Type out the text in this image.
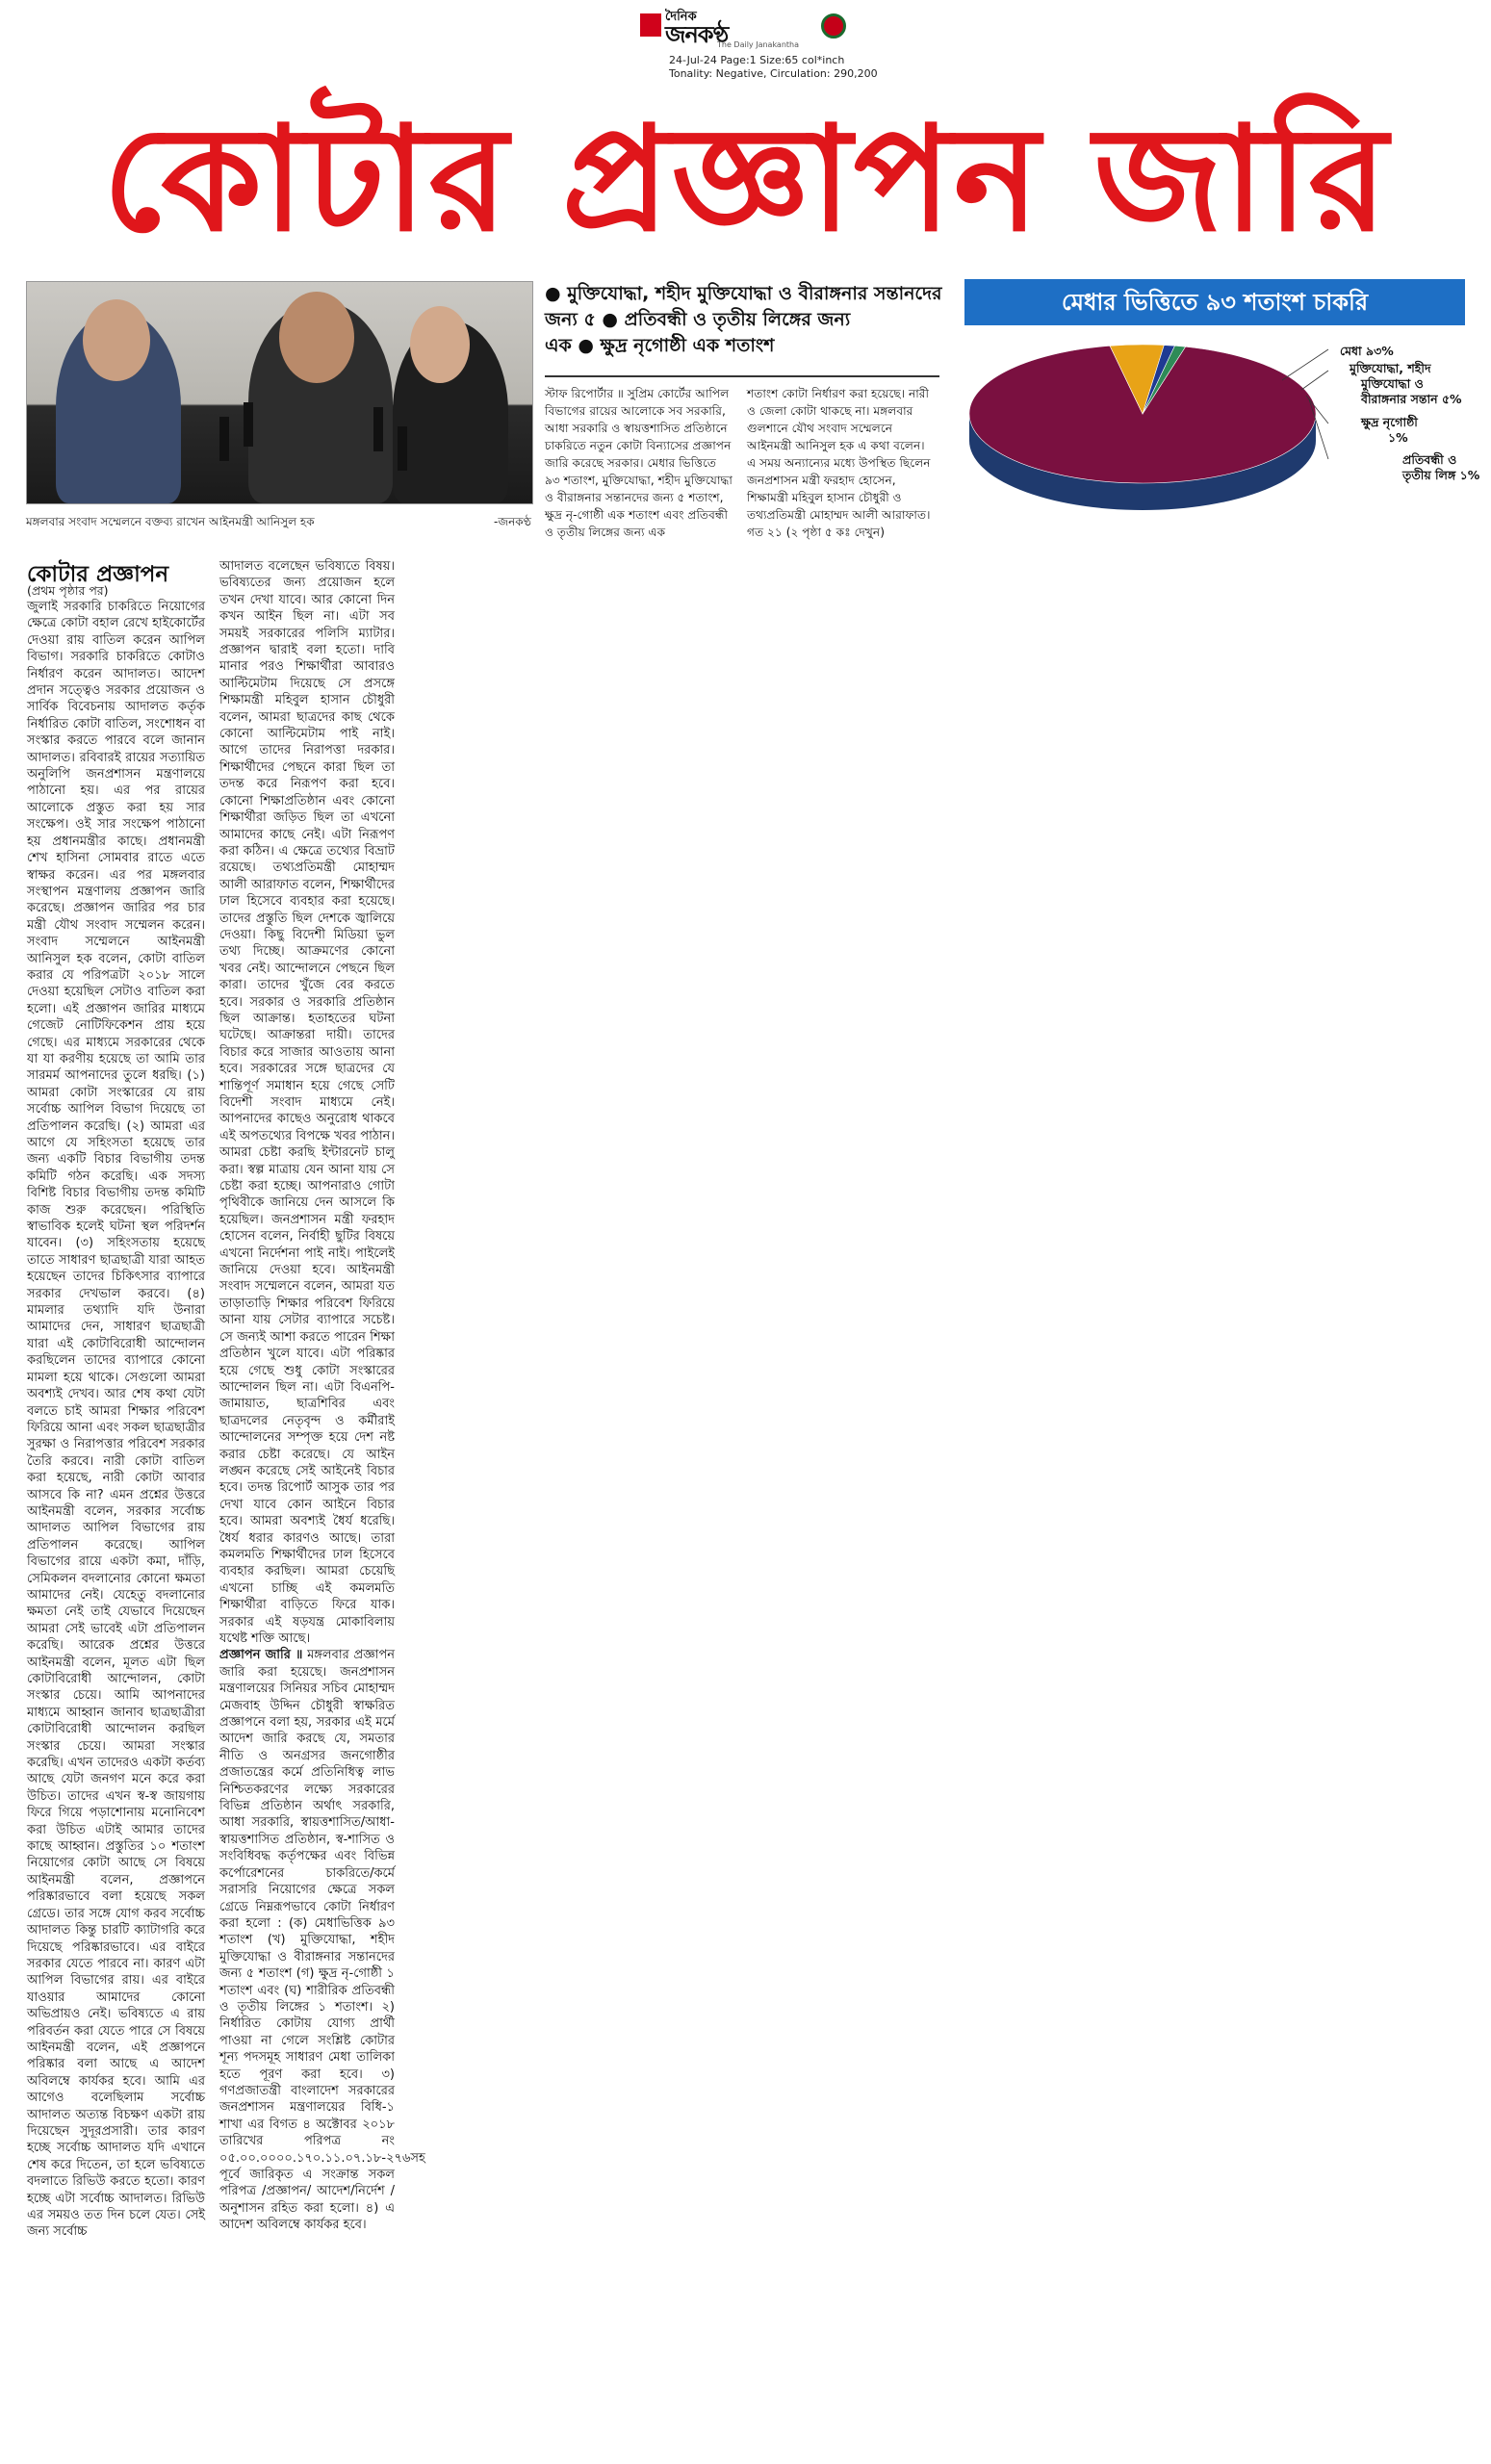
দৈনিক
জনকণ্ঠ
The Daily Janakantha
24-Jul-24 Page:1 Size:65 col*inch
Tonality: Negative, Circulation: 290,200
কোটার প্রজ্ঞাপন জারি
মঙ্গলবার সংবাদ সম্মেলনে বক্তব্য রাখেন আইনমন্ত্রী আনিসুল হক	-জনকণ্ঠ
● মুক্তিযোদ্ধা, শহীদ মুক্তিযোদ্ধা ও বীরাঙ্গনার সন্তানদের
জন্য ৫ ● প্রতিবন্ধী ও তৃতীয় লিঙ্গের জন্য
এক ● ক্ষুদ্র নৃগোষ্ঠী এক শতাংশ
স্টাফ রিপোর্টার ॥ সুপ্রিম কোর্টের আপিল বিভাগের রায়ের আলোকে সব সরকারি, আধা সরকারি ও স্বায়ত্তশাসিত প্রতিষ্ঠানে চাকরিতে নতুন কোটা বিন্যাসের প্রজ্ঞাপন জারি করেছে সরকার। মেধার ভিত্তিতে ৯৩ শতাংশ, মুক্তিযোদ্ধা, শহীদ মুক্তিযোদ্ধা ও বীরাঙ্গনার সন্তানদের জন্য ৫ শতাংশ, ক্ষুদ্র নৃ-গোষ্ঠী এক শতাংশ এবং প্রতিবন্ধী ও তৃতীয় লিঙ্গের জন্য এক
শতাংশ কোটা নির্ধারণ করা হয়েছে। নারী ও জেলা কোটা থাকছে না। মঙ্গলবার গুলশানে যৌথ সংবাদ সম্মেলনে আইনমন্ত্রী আনিসুল হক এ কথা বলেন। এ সময় অন্যান্যের মধ্যে উপস্থিত ছিলেন জনপ্রশাসন মন্ত্রী ফরহাদ হোসেন, শিক্ষামন্ত্রী মহিবুল হাসান চৌধুরী ও তথ্যপ্রতিমন্ত্রী মোহাম্মদ আলী আরাফাত। গত ২১ (২ পৃষ্ঠা ৫ কঃ দেখুন)
মেধার ভিত্তিতে ৯৩ শতাংশ চাকরি
মেধা ৯৩%
মুক্তিযোদ্ধা, শহীদ
মুক্তিযোদ্ধা ও
বীরাঙ্গনার সন্তান ৫%
ক্ষুদ্র নৃগোষ্ঠী
১%
প্রতিবন্ধী ও
তৃতীয় লিঙ্গ ১%
কোটার প্রজ্ঞাপন
(প্রথম পৃষ্ঠার পর)

জুলাই সরকারি চাকরিতে নিয়োগের ক্ষেত্রে কোটা বহাল রেখে হাইকোর্টের দেওয়া রায় বাতিল করেন আপিল বিভাগ। সরকারি চাকরিতে কোটাও নির্ধারণ করেন আদালত। আদেশ প্রদান সত্ত্বেও সরকার প্রয়োজন ও সার্বিক বিবেচনায় আদালত কর্তৃক নির্ধারিত কোটা বাতিল, সংশোধন বা সংস্কার করতে পারবে বলে জানান আদালত। রবিবারই রায়ের সত্যায়িত অনুলিপি জনপ্রশাসন মন্ত্রণালয়ে পাঠানো হয়। এর পর রায়ের আলোকে প্রস্তুত করা হয় সার সংক্ষেপ। ওই সার সংক্ষেপ পাঠানো হয় প্রধানমন্ত্রীর কাছে। প্রধানমন্ত্রী শেখ হাসিনা সোমবার রাতে এতে স্বাক্ষর করেন। এর পর মঙ্গলবার সংস্থাপন মন্ত্রণালয় প্রজ্ঞাপন জারি করেছে। প্রজ্ঞাপন জারির পর চার মন্ত্রী যৌথ সংবাদ সম্মেলন করেন। সংবাদ সম্মেলনে আইনমন্ত্রী আনিসুল হক বলেন, কোটা বাতিল করার যে পরিপত্রটা ২০১৮ সালে দেওয়া হয়েছিল সেটাও বাতিল করা হলো। এই প্রজ্ঞাপন জারির মাধ্যমে গেজেট নোটিফিকেশন প্রায় হয়ে গেছে। এর মাধ্যমে সরকারের থেকে যা যা করণীয় হয়েছে তা আমি তার সারমর্ম আপনাদের তুলে ধরছি। (১) আমরা কোটা সংস্কারের যে রায় সর্বোচ্চ আপিল বিভাগ দিয়েছে তা প্রতিপালন করেছি। (২) আমরা এর আগে যে সহিংসতা হয়েছে তার জন্য একটি বিচার বিভাগীয় তদন্ত কমিটি গঠন করেছি। এক সদস্য বিশিষ্ট বিচার বিভাগীয় তদন্ত কমিটি কাজ শুরু করেছেন। পরিস্থিতি স্বাভাবিক হলেই ঘটনা স্থল পরিদর্শন যাবেন। (৩) সহিংসতায় হয়েছে তাতে সাধারণ ছাত্রছাত্রী যারা আহত হয়েছেন তাদের চিকিৎসার ব্যাপারে সরকার দেখভাল করবে। (৪) মামলার তথ্যাদি যদি উনারা আমাদের দেন, সাধারণ ছাত্রছাত্রী যারা এই কোটাবিরোধী আন্দোলন করছিলেন তাদের ব্যাপারে কোনো মামলা হয়ে থাকে। সেগুলো আমরা অবশ্যই দেখব। আর শেষ কথা যেটা বলতে চাই আমরা শিক্ষার পরিবেশ ফিরিয়ে আনা এবং সকল ছাত্রছাত্রীর সুরক্ষা ও নিরাপত্তার পরিবেশ সরকার তৈরি করবে। নারী কোটা বাতিল করা হয়েছে, নারী কোটা আবার আসবে কি না? এমন প্রশ্নের উত্তরে আইনমন্ত্রী বলেন, সরকার সর্বোচ্চ আদালত আপিল বিভাগের রায় প্রতিপালন করেছে। আপিল বিভাগের রায়ে একটা কমা, দাঁড়ি, সেমিকলন বদলানোর কোনো ক্ষমতা আমাদের নেই। যেহেতু বদলানোর ক্ষমতা নেই তাই যেভাবে দিয়েছেন আমরা সেই ভাবেই এটা প্রতিপালন করেছি। আরেক প্রশ্নের উত্তরে আইনমন্ত্রী বলেন, মূলত এটা ছিল কোটাবিরোধী আন্দোলন, কোটা সংস্কার চেয়ে। আমি আপনাদের মাধ্যমে আহ্বান জানাব ছাত্রছাত্রীরা কোটাবিরোধী আন্দোলন করছিল সংস্কার চেয়ে। আমরা সংস্কার করেছি। এখন তাদেরও একটা কর্তব্য আছে যেটা জনগণ মনে করে করা উচিত। তাদের এখন স্ব-স্ব জায়গায় ফিরে গিয়ে পড়াশোনায় মনোনিবেশ করা উচিত এটাই আমার তাদের কাছে আহ্বান। প্রস্তুতির ১০ শতাংশ নিয়োগের কোটা আছে সে বিষয়ে আইনমন্ত্রী বলেন, প্রজ্ঞাপনে পরিষ্কারভাবে বলা হয়েছে সকল গ্রেডে। তার সঙ্গে যোগ করব সর্বোচ্চ আদালত কিন্তু চারটি ক্যাটাগরি করে দিয়েছে পরিষ্কারভাবে। এর বাইরে সরকার যেতে পারবে না। কারণ এটা আপিল বিভাগের রায়। এর বাইরে যাওয়ার আমাদের কোনো অভিপ্রায়ও নেই। ভবিষ্যতে এ রায় পরিবর্তন করা যেতে পারে সে বিষয়ে আইনমন্ত্রী বলেন, এই প্রজ্ঞাপনে পরিষ্কার বলা আছে এ আদেশ অবিলম্বে কার্যকর হবে। আমি এর আগেও বলেছিলাম সর্বোচ্চ আদালত অত্যন্ত বিচক্ষণ একটা রায় দিয়েছেন সুদূরপ্রসারী। তার কারণ হচ্ছে সর্বোচ্চ আদালত যদি এখানে শেষ করে দিতেন, তা হলে ভবিষ্যতে বদলাতে রিভিউ করতে হতো। কারণ হচ্ছে এটা সর্বোচ্চ আদালত। রিভিউ এর সময়ও তত দিন চলে যেত। সেই জন্য সর্বোচ্চ

আদালত বলেছেন ভবিষ্যতে বিষয়। ভবিষ্যতের জন্য প্রয়োজন হলে তখন দেখা যাবে। আর কোনো দিন কখন আইন ছিল না। এটা সব সময়ই সরকারের পলিসি ম্যাটার। প্রজ্ঞাপন দ্বারাই বলা হতো। দাবি মানার পরও শিক্ষার্থীরা আবারও আল্টিমেটাম দিয়েছে সে প্রসঙ্গে শিক্ষামন্ত্রী মহিবুল হাসান চৌধুরী বলেন, আমরা ছাত্রদের কাছ থেকে কোনো আল্টিমেটাম পাই নাই। আগে তাদের নিরাপত্তা দরকার। শিক্ষার্থীদের পেছনে কারা ছিল তা তদন্ত করে নিরূপণ করা হবে। কোনো শিক্ষাপ্রতিষ্ঠান এবং কোনো শিক্ষার্থীরা জড়িত ছিল তা এখনো আমাদের কাছে নেই। এটা নিরূপণ করা কঠিন। এ ক্ষেত্রে তথ্যের বিভ্রাট রয়েছে। তথ্যপ্রতিমন্ত্রী মোহাম্মদ আলী আরাফাত বলেন, শিক্ষার্থীদের ঢাল হিসেবে ব্যবহার করা হয়েছে। তাদের প্রস্তুতি ছিল দেশকে জ্বালিয়ে দেওয়া। কিছু বিদেশী মিডিয়া ভুল তথ্য দিচ্ছে। আক্রমণের কোনো খবর নেই। আন্দোলনে পেছনে ছিল কারা। তাদের খুঁজে বের করতে হবে। সরকার ও সরকারি প্রতিষ্ঠান ছিল আক্রান্ত। হতাহতের ঘটনা ঘটেছে। আক্রান্তরা দায়ী। তাদের বিচার করে সাজার আওতায় আনা হবে। সরকারের সঙ্গে ছাত্রদের যে শান্তিপূর্ণ সমাধান হয়ে গেছে সেটি বিদেশী সংবাদ মাধ্যমে নেই। আপনাদের কাছেও অনুরোধ থাকবে এই অপতথ্যের বিপক্ষে খবর পাঠান। আমরা চেষ্টা করছি ইন্টারনেট চালু করা। স্বল্প মাত্রায় যেন আনা যায় সে চেষ্টা করা হচ্ছে। আপনারাও গোটা পৃথিবীকে জানিয়ে দেন আসলে কি হয়েছিল। জনপ্রশাসন মন্ত্রী ফরহাদ হোসেন বলেন, নির্বাহী ছুটির বিষয়ে এখনো নির্দেশনা পাই নাই। পাইলেই জানিয়ে দেওয়া হবে। আইনমন্ত্রী সংবাদ সম্মেলনে বলেন, আমরা যত তাড়াতাড়ি শিক্ষার পরিবেশ ফিরিয়ে আনা যায় সেটার ব্যাপারে সচেষ্ট। সে জন্যই আশা করতে পারেন শিক্ষা প্রতিষ্ঠান খুলে যাবে। এটা পরিষ্কার হয়ে গেছে শুধু কোটা সংস্কারের আন্দোলন ছিল না। এটা বিএনপি-জামায়াত, ছাত্রশিবির এবং ছাত্রদলের নেতৃবৃন্দ ও কর্মীরাই আন্দোলনের সম্পৃক্ত হয়ে দেশ নষ্ট করার চেষ্টা করেছে। যে আইন লঙ্ঘন করেছে সেই আইনেই বিচার হবে। তদন্ত রিপোর্ট আসুক তার পর দেখা যাবে কোন আইনে বিচার হবে। আমরা অবশ্যই ধৈর্য ধরেছি। ধৈর্য ধরার কারণও আছে। তারা কমলমতি শিক্ষার্থীদের ঢাল হিসেবে ব্যবহার করছিল। আমরা চেয়েছি এখনো চাচ্ছি এই কমলমতি শিক্ষার্থীরা বাড়িতে ফিরে যাক। সরকার এই ষড়যন্ত্র মোকাবিলায় যথেষ্ট শক্তি আছে।

প্রজ্ঞাপন জারি ॥ মঙ্গলবার প্রজ্ঞাপন জারি করা হয়েছে। জনপ্রশাসন মন্ত্রণালয়ের সিনিয়র সচিব মোহাম্মদ মেজবাহ উদ্দিন চৌধুরী স্বাক্ষরিত প্রজ্ঞাপনে বলা হয়, সরকার এই মর্মে আদেশ জারি করছে যে, সমতার নীতি ও অনগ্রসর জনগোষ্ঠীর প্রজাতন্ত্রের কর্মে প্রতিনিধিত্ব লাভ নিশ্চিতকরণের লক্ষ্যে সরকারের বিভিন্ন প্রতিষ্ঠান অর্থাৎ সরকারি, আধা সরকারি, স্বায়ত্তশাসিত/আধা-স্বায়ত্তশাসিত প্রতিষ্ঠান, স্ব-শাসিত ও সংবিধিবদ্ধ কর্তৃপক্ষের এবং বিভিন্ন কর্পোরেশনের চাকরিতে/কর্মে সরাসরি নিয়োগের ক্ষেত্রে সকল গ্রেডে নিম্নরূপভাবে কোটা নির্ধারণ করা হলো : (ক) মেধাভিত্তিক ৯৩ শতাংশ (খ) মুক্তিযোদ্ধা, শহীদ মুক্তিযোদ্ধা ও বীরাঙ্গনার সন্তানদের জন্য ৫ শতাংশ (গ) ক্ষুদ্র নৃ-গোষ্ঠী ১ শতাংশ এবং (ঘ) শারীরিক প্রতিবন্ধী ও তৃতীয় লিঙ্গের ১ শতাংশ। ২) নির্ধারিত কোটায় যোগ্য প্রার্থী পাওয়া না গেলে সংশ্লিষ্ট কোটার শূন্য পদসমূহ সাধারণ মেধা তালিকা হতে পূরণ করা হবে। ৩) গণপ্রজাতন্ত্রী বাংলাদেশ সরকারের জনপ্রশাসন মন্ত্রণালয়ের বিধি-১ শাখা এর বিগত ৪ অক্টোবর ২০১৮ তারিখের পরিপত্র নং ০৫.০০.০০০০.১৭০.১১.০৭.১৮-২৭৬সহ পূর্বে জারিকৃত এ সংক্রান্ত সকল পরিপত্র /প্রজ্ঞাপন/ আদেশ/নির্দেশ /অনুশাসন রহিত করা হলো। ৪) এ আদেশ অবিলম্বে কার্যকর হবে।
